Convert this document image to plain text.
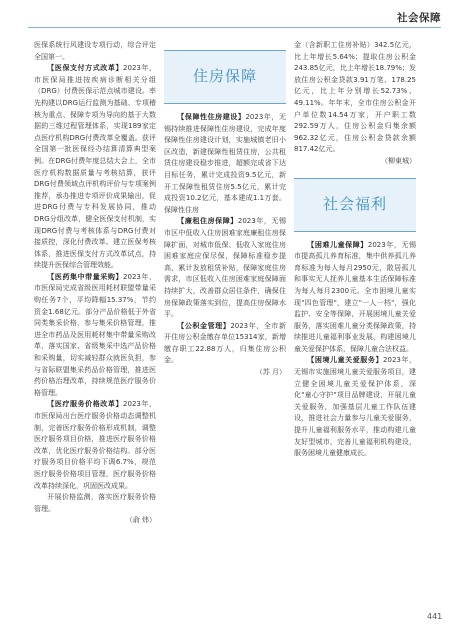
社会保障

医保系统行风建设专项行动，综合评定全国第一。

【医保支付方式改革】2023年，市医保局推进按疾病诊断相关分组（DRG）付费医保示范点城市建设。率先构建以DRG运行监测为基础、专项稽核为重点、保障专项为导向的基于大数据的三维过程管理体系，实现189家定点医疗机构DRG付费改革全覆盖。获评全国第一批医保经办结算清算典型案例。在DRG付费年度总结大会上，全市医疗机构数据质量与考核结算，获评DRG付费领域点评机构评价与专项案例推荐，承办推进专项评价成果输出，促进DRG付费与专科发展协同，推动DRG分组改革，健全医保支付机制，实现DRG付费与考核体系与DRG付费对接质控，深化付费改革。建立医保考核体系，推进医保支付方式改革试点，持续提升医保综合管理效能。

【医药集中带量采购】2023年，市医保局完成省级医用耗材联盟带量采购任务7个，平均降幅15.37%，节约资金1.68亿元。部分产品价格低于外省同类集采价格，参与集采价格管理，推进全市药品及医用耗材集中带量采购改革，落实国家、省级集采中选产品价格和采购量，切实减轻群众就医负担，参与省际联盟集采药品价格管理，推进医药价格治理改革，持续规范医疗服务价格管理。

【医疗服务价格改革】2023年，市医保局出台医疗服务价格动态调整机制，完善医疗服务价格形成机制，调整医疗服务项目价格，推进医疗服务价格改革，优化医疗服务价格结构。部分医疗服务项目价格平均下调6.7%，规范医疗服务价格项目管理，医疗服务价格改革持续深化，巩固医改成果。

开展价格监测，落实医疗服务价格管理。

（俞 炜）

住房保障

【保障性住房建设】2023年，无锡持续推进保障性住房建设，完成年度保障性住房建设计划，实施城镇老旧小区改造，新建保障性租赁住房，公共租赁住房建设稳步推进，超额完成省下达目标任务，累计完成投资9.5亿元，新开工保障性租赁住房5.5亿元，累计完成投资10.2亿元，基本建成1.1万套。保障性住房

【廉租住房保障】2023年，无锡市区中低收入住房困难家庭廉租住房保障扩面，对城市低保、低收入家庭住房困难家庭应保尽保，保障标准稳步提高，累计发放租赁补贴，保障家庭住房需求，市区低收入住房困难家庭保障面持续扩大，改善群众居住条件，确保住房保障政策落实到位，提高住房保障水平。

【公积金管理】2023年，全市新开住房公积金缴存单位15314家，新增缴存职工22.88万人，归集住房公积金。

（苏 月）

金（含新职工住房补贴）342.5亿元，比上年增长5.64%；提取住房公积金243.85亿元，比上年增长18.79%；发放住房公积金贷款3.91万笔、178.25亿元，比上年分别增长52.73%、49.11%。年年末，全市住房公积金开户单位数14.54万家，开户职工数292.59万人，住房公积金归集余额962.32亿元，住房公积金贷款余额817.42亿元。

（柳東城）

社会福利

【困难儿童保障】2023年，无锡市提高孤儿养育标准，集中供养孤儿养育标准为每人每月2950元，散居孤儿和事实无人抚养儿童基本生活保障标准为每人每月2300元。全市困境儿童实现"四色管理"，建立"一人一档"，强化监护、安全等保障，开展困境儿童关爱服务，落实困难儿童分类保障政策，持续推进儿童福利事业发展，构建困境儿童关爱保护体系，保障儿童合法权益。

【困境儿童关爱服务】2023年，无锡市实施困境儿童关爱服务项目，建立健全困境儿童关爱保护体系，深化"童心守护"项目品牌建设，开展儿童关爱服务，加强基层儿童工作队伍建设，推进社会力量参与儿童关爱服务，提升儿童福利服务水平，推动构建儿童友好型城市，完善儿童福利机构建设，服务困境儿童健康成长。

441
